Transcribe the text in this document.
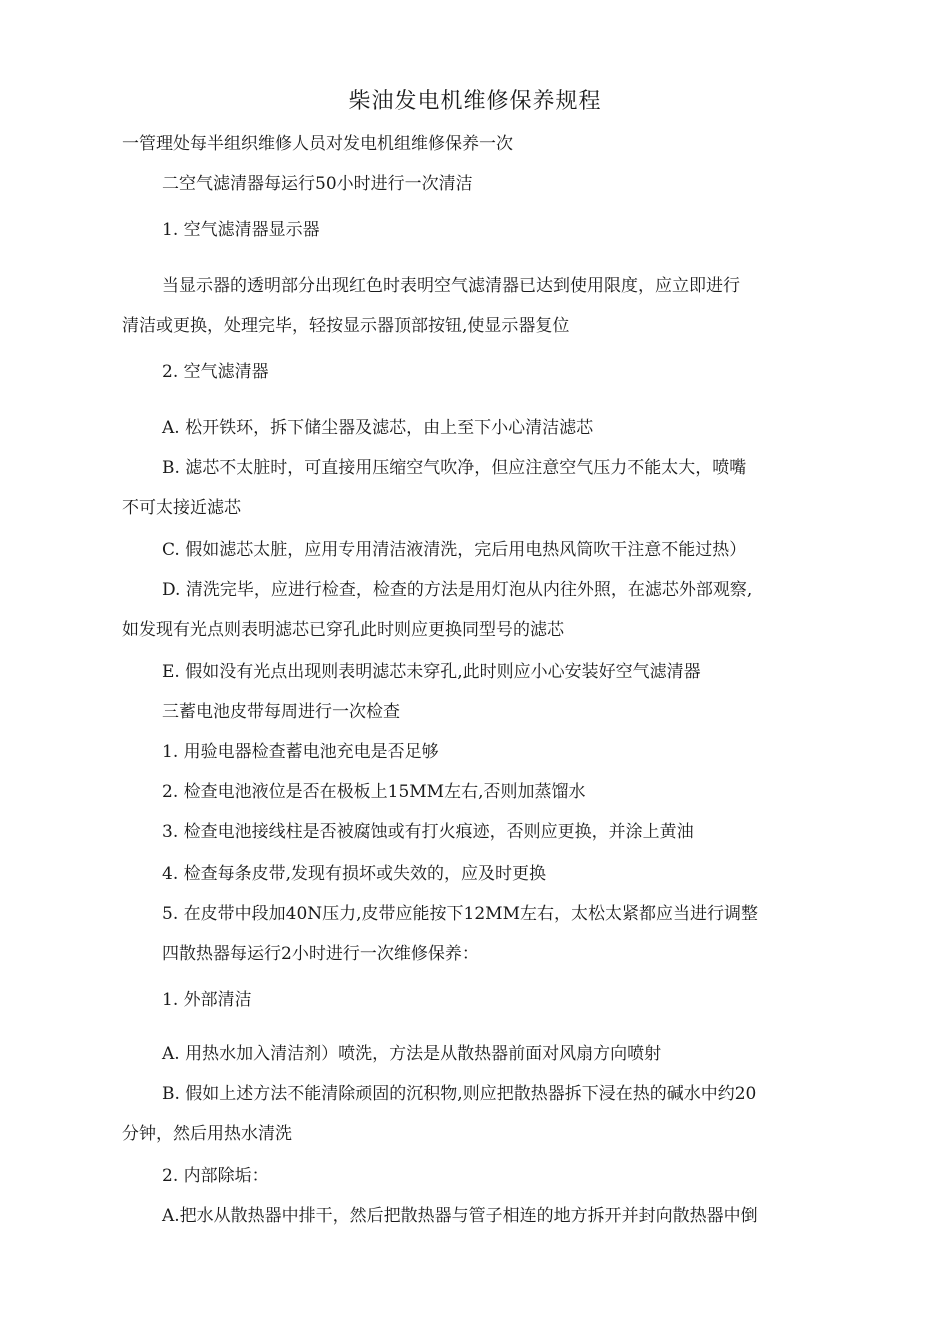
柴油发电机维修保养规程
一管理处每半组织维修人员对发电机组维修保养一次
二空气滤清器每运行50小时进行一次清洁
1. 空气滤清器显示器
当显示器的透明部分出现红色时表明空气滤清器已达到使用限度，应立即进行
清洁或更换，处理完毕，轻按显示器顶部按钮,使显示器复位
2. 空气滤清器
A. 松开铁环，拆下储尘器及滤芯，由上至下小心清洁滤芯
B. 滤芯不太脏时，可直接用压缩空气吹净，但应注意空气压力不能太大，喷嘴
不可太接近滤芯
C. 假如滤芯太脏，应用专用清洁液清洗，完后用电热风筒吹干注意不能过热）
D. 清洗完毕，应进行检查，检查的方法是用灯泡从内往外照，在滤芯外部观察,
如发现有光点则表明滤芯已穿孔此时则应更换同型号的滤芯
E. 假如没有光点出现则表明滤芯未穿孔,此时则应小心安装好空气滤清器
三蓄电池皮带每周进行一次检查
1. 用验电器检查蓄电池充电是否足够
2. 检查电池液位是否在极板上15MM左右,否则加蒸馏水
3. 检查电池接线柱是否被腐蚀或有打火痕迹，否则应更换，并涂上黄油
4. 检查每条皮带,发现有损坏或失效的，应及时更换
5. 在皮带中段加40N压力,皮带应能按下12MM左右，太松太紧都应当进行调整
四散热器每运行2小时进行一次维修保养：
1. 外部清洁
A. 用热水加入清洁剂）喷洗，方法是从散热器前面对风扇方向喷射
B. 假如上述方法不能清除顽固的沉积物,则应把散热器拆下浸在热的碱水中约20
分钟，然后用热水清洗
2. 内部除垢：
A.把水从散热器中排干，然后把散热器与管子相连的地方拆开并封向散热器中倒
